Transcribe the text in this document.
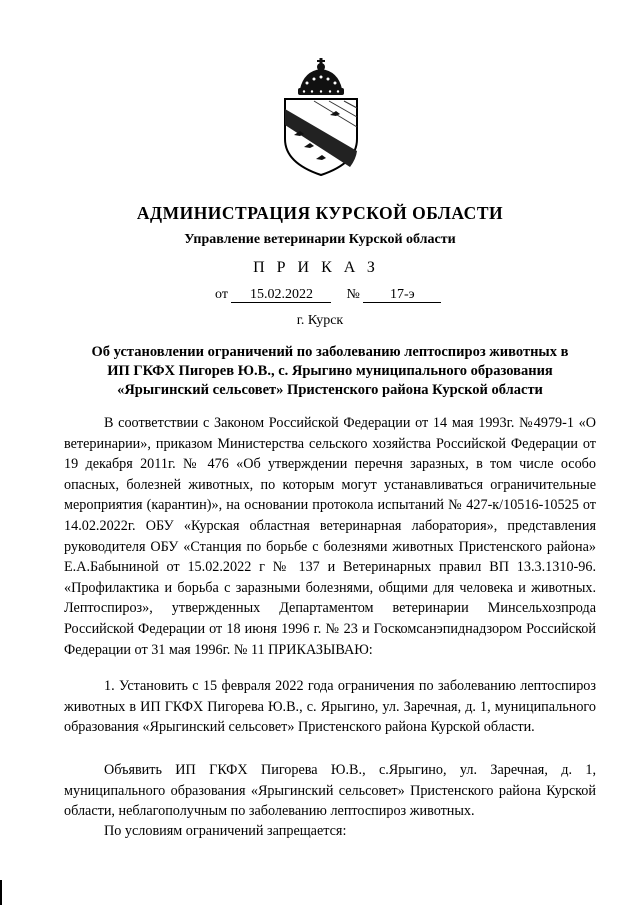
АДМИНИСТРАЦИЯ КУРСКОЙ ОБЛАСТИ
Управление ветеринарии Курской области
ПРИКАЗ
от 15.02.2022 № 17-э
г. Курск
Об установлении ограничений по заболеванию лептоспироз животных в
ИП ГКФХ Пигорев Ю.В., с. Ярыгино муниципального образования
«Ярыгинский сельсовет» Пристенского района Курской области
В соответствии с Законом Российской Федерации от 14 мая 1993г. №4979-1 «О ветеринарии», приказом Министерства сельского хозяйства Российской Федерации от 19 декабря 2011г. № 476 «Об утверждении перечня заразных, в том числе особо опасных, болезней животных, по которым могут устанавливаться ограничительные мероприятия (карантин)», на основании протокола испытаний № 427-к/10516-10525 от 14.02.2022г. ОБУ «Курская областная ветеринарная лаборатория», представления руководителя ОБУ «Станция по борьбе с болезнями животных Пристенского района» Е.А.Бабыниной от 15.02.2022 г № 137 и Ветеринарных правил ВП 13.3.1310-96. «Профилактика и борьба с заразными болезнями, общими для человека и животных. Лептоспироз», утвержденных Департаментом ветеринарии Минсельхозпрода Российской Федерации от 18 июня 1996 г. № 23 и Госкомсанэпиднадзором Российской Федерации от 31 мая 1996г. № 11 ПРИКАЗЫВАЮ:
1. Установить с 15 февраля 2022 года ограничения по заболеванию лептоспироз животных в ИП ГКФХ Пигорева Ю.В., с. Ярыгино, ул. Заречная, д. 1, муниципального образования «Ярыгинский сельсовет» Пристенского района Курской области.
Объявить ИП ГКФХ Пигорева Ю.В., с.Ярыгино, ул. Заречная, д. 1, муниципального образования «Ярыгинский сельсовет» Пристенского района Курской области, неблагополучным по заболеванию лептоспироз животных.
По условиям ограничений запрещается:
